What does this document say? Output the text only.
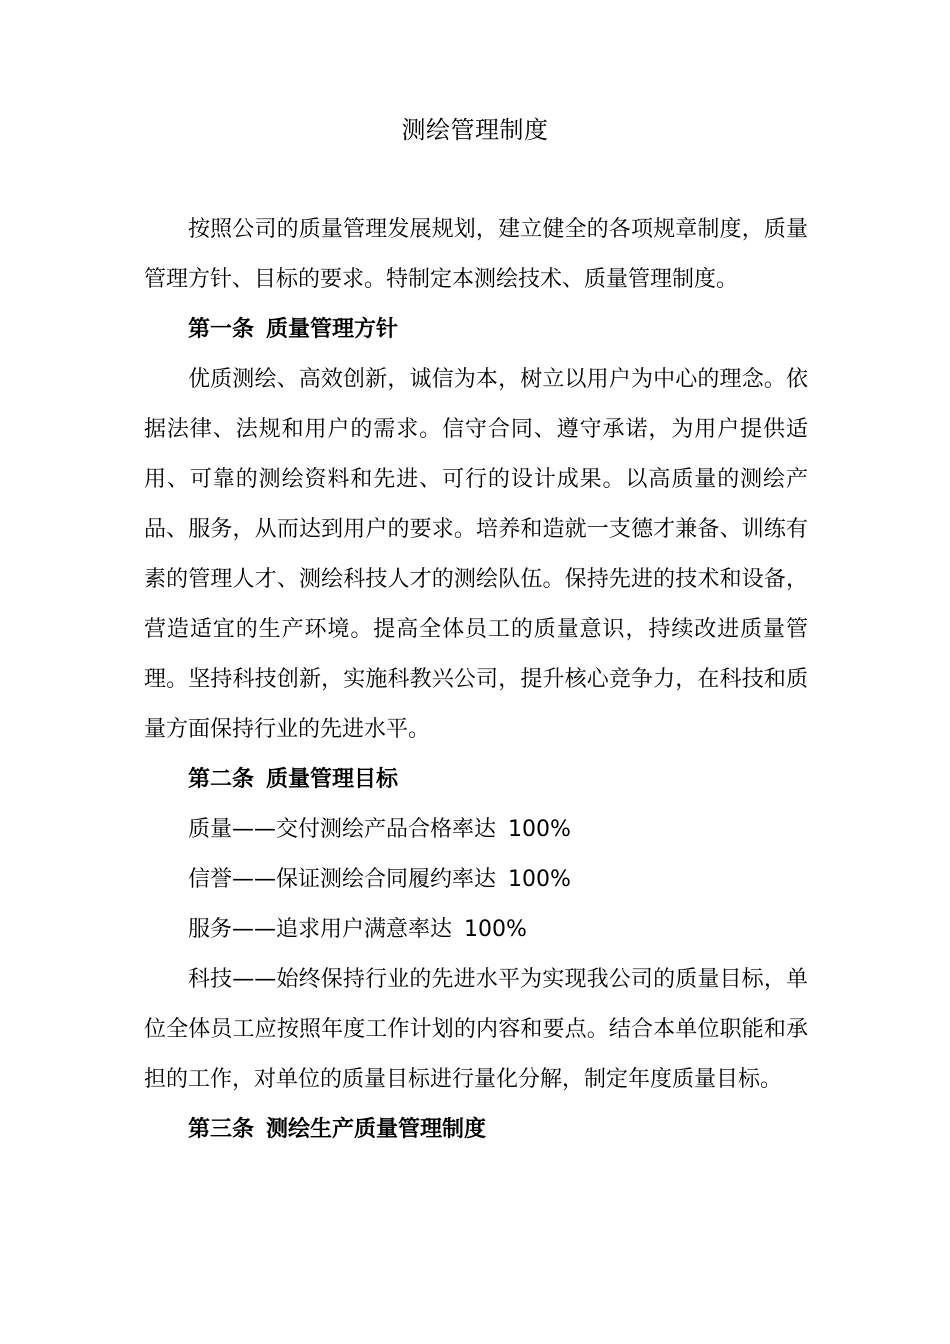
测绘管理制度

按照公司的质量管理发展规划，建立健全的各项规章制度，质量管理方针、目标的要求。特制定本测绘技术、质量管理制度。

第一条 质量管理方针

优质测绘、高效创新，诚信为本，树立以用户为中心的理念。依据法律、法规和用户的需求。信守合同、遵守承诺，为用户提供适用、可靠的测绘资料和先进、可行的设计成果。以高质量的测绘产品、服务，从而达到用户的要求。培养和造就一支德才兼备、训练有素的管理人才、测绘科技人才的测绘队伍。保持先进的技术和设备，营造适宜的生产环境。提高全体员工的质量意识，持续改进质量管理。坚持科技创新，实施科教兴公司，提升核心竞争力，在科技和质量方面保持行业的先进水平。

第二条 质量管理目标

质量——交付测绘产品合格率达 100%

信誉——保证测绘合同履约率达 100%

服务——追求用户满意率达 100%

科技——始终保持行业的先进水平为实现我公司的质量目标，单位全体员工应按照年度工作计划的内容和要点。结合本单位职能和承担的工作，对单位的质量目标进行量化分解，制定年度质量目标。

第三条 测绘生产质量管理制度
